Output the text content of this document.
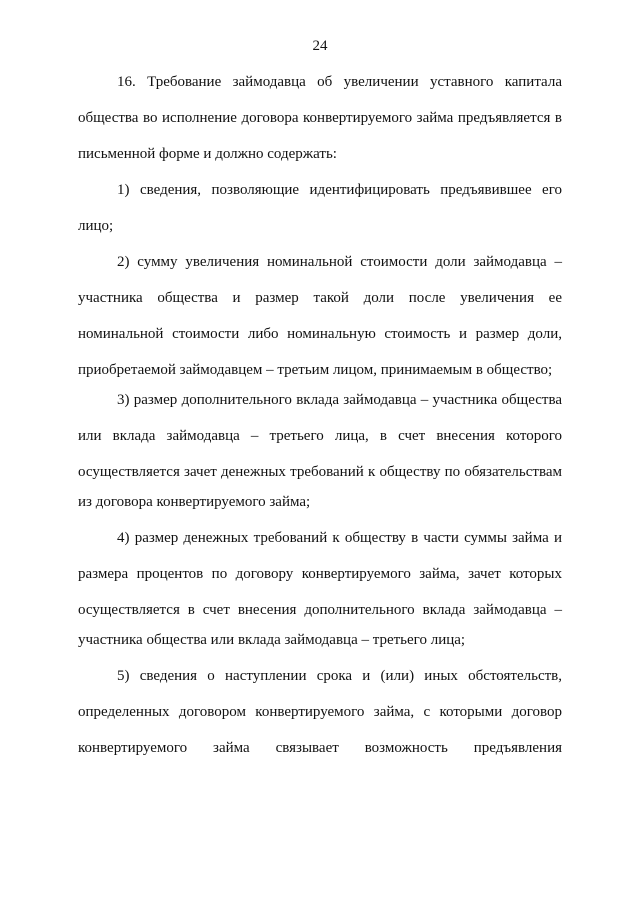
24
16. Требование займодавца об увеличении уставного капитала
общества во исполнение договора конвертируемого займа предъявляется в
письменной форме и должно содержать:
1) сведения, позволяющие идентифицировать предъявившее его
лицо;
2) сумму увеличения номинальной стоимости доли займодавца –
участника общества и размер такой доли после увеличения ее
номинальной стоимости либо номинальную стоимость и размер доли,
приобретаемой займодавцем – третьим лицом, принимаемым в общество;
3) размер дополнительного вклада займодавца – участника общества
или вклада займодавца – третьего лица, в счет внесения которого
осуществляется зачет денежных требований к обществу по обязательствам
из договора конвертируемого займа;
4) размер денежных требований к обществу в части суммы займа и
размера процентов по договору конвертируемого займа, зачет которых
осуществляется в счет внесения дополнительного вклада займодавца –
участника общества или вклада займодавца – третьего лица;
5) сведения о наступлении срока и (или) иных обстоятельств,
определенных договором конвертируемого займа, с которыми договор
конвертируемого займа связывает возможность предъявления
